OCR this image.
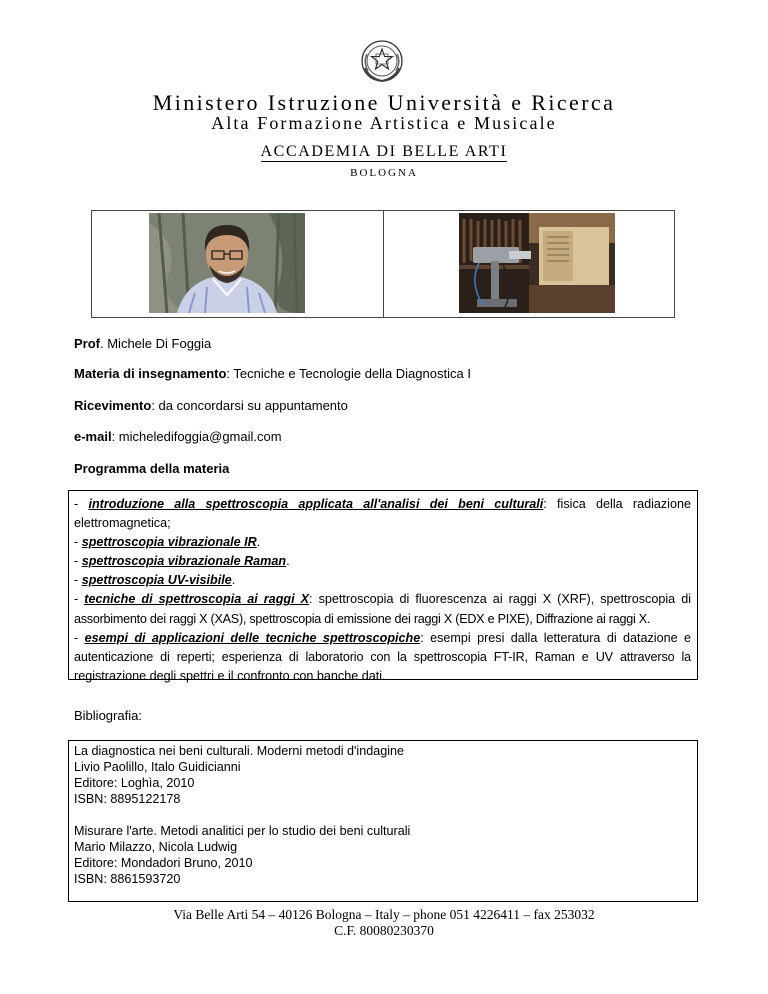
Ministero Istruzione Università e Ricerca
Alta Formazione Artistica e Musicale
ACCADEMIA DI BELLE ARTI
BOLOGNA
Prof. Michele Di Foggia
Materia di insegnamento: Tecniche e Tecnologie della Diagnostica I
Ricevimento: da concordarsi su appuntamento
e-mail: micheledifoggia@gmail.com
Programma della materia
- introduzione alla spettroscopia applicata all'analisi dei beni culturali: fisica della radiazione
elettromagnetica;
- spettroscopia vibrazionale IR.
- spettroscopia vibrazionale Raman.
- spettroscopia UV-visibile.
- tecniche di spettroscopia ai raggi X: spettroscopia di fluorescenza ai raggi X (XRF), spettroscopia di
assorbimento dei raggi X (XAS), spettroscopia di emissione dei raggi X (EDX e PIXE), Diffrazione ai raggi X.
- esempi di applicazioni delle tecniche spettroscopiche: esempi presi dalla letteratura di datazione e
autenticazione di reperti; esperienza di laboratorio con la spettroscopia FT-IR, Raman e UV attraverso la
registrazione degli spettri e il confronto con banche dati.
Bibliografia:
La diagnostica nei beni culturali. Moderni metodi d'indagine
Livio Paolillo, Italo Guidicianni
Editore: Loghìa, 2010
ISBN: 8895122178
Misurare l'arte. Metodi analitici per lo studio dei beni culturali
Mario Milazzo, Nicola Ludwig
Editore: Mondadori Bruno, 2010
ISBN: 8861593720
Via Belle Arti 54 – 40126 Bologna – Italy – phone 051 4226411 – fax 253032
C.F. 80080230370
